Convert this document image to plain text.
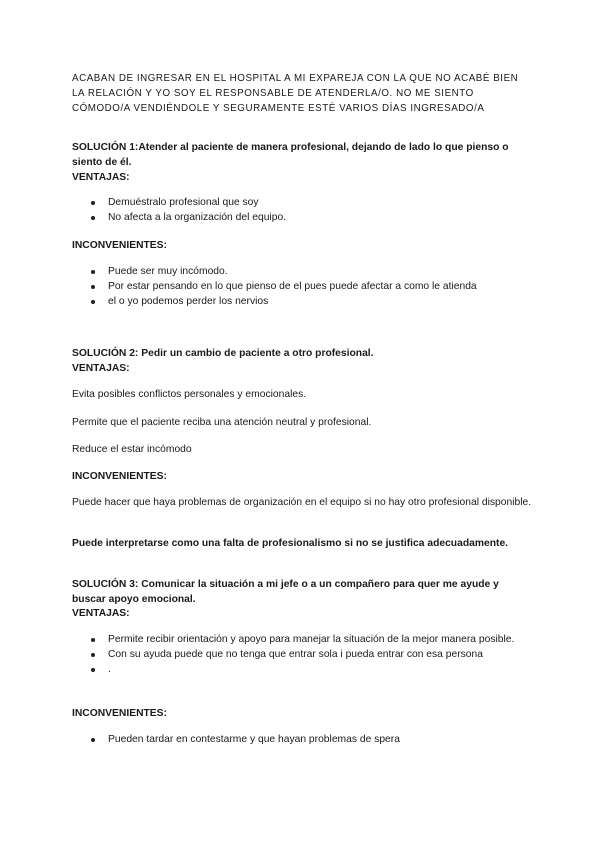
ACABAN DE INGRESAR EN EL HOSPITAL A MI EXPAREJA CON LA QUE NO ACABÉ BIEN LA RELACIÓN Y YO SOY EL RESPONSABLE DE ATENDERLA/O. NO ME SIENTO CÓMODO/A VENDIÉNDOLE Y SEGURAMENTE ESTÉ VARIOS DÍAS INGRESADO/A
SOLUCIÓN 1:Atender al paciente de manera profesional, dejando de lado lo que pienso o siento de él.
VENTAJAS:
Demuéstralo profesional que soy
No afecta a la organización del equipo.
INCONVENIENTES:
Puede ser muy incómodo.
Por estar pensando en lo que pienso de el pues puede afectar a como le atienda
el o yo podemos perder los nervios
SOLUCIÓN 2: Pedir un cambio de paciente a otro profesional.
VENTAJAS:

Evita posibles conflictos personales y emocionales.

Permite que el paciente reciba una atención neutral y profesional.

Reduce el estar incómodo

INCONVENIENTES:

Puede hacer que haya problemas de organización en el equipo si no hay otro profesional disponible.

Puede interpretarse como una falta de profesionalismo si no se justifica adecuadamente.

SOLUCIÓN 3: Comunicar la situación a mi jefe o a un compañero para quer me ayude y buscar apoyo emocional.
VENTAJAS:
Permite recibir orientación y apoyo para manejar la situación de la mejor manera posible.
Con su ayuda puede que no tenga que entrar sola i pueda entrar con esa persona
.
INCONVENIENTES:
Pueden tardar en contestarme y que hayan problemas de spera
